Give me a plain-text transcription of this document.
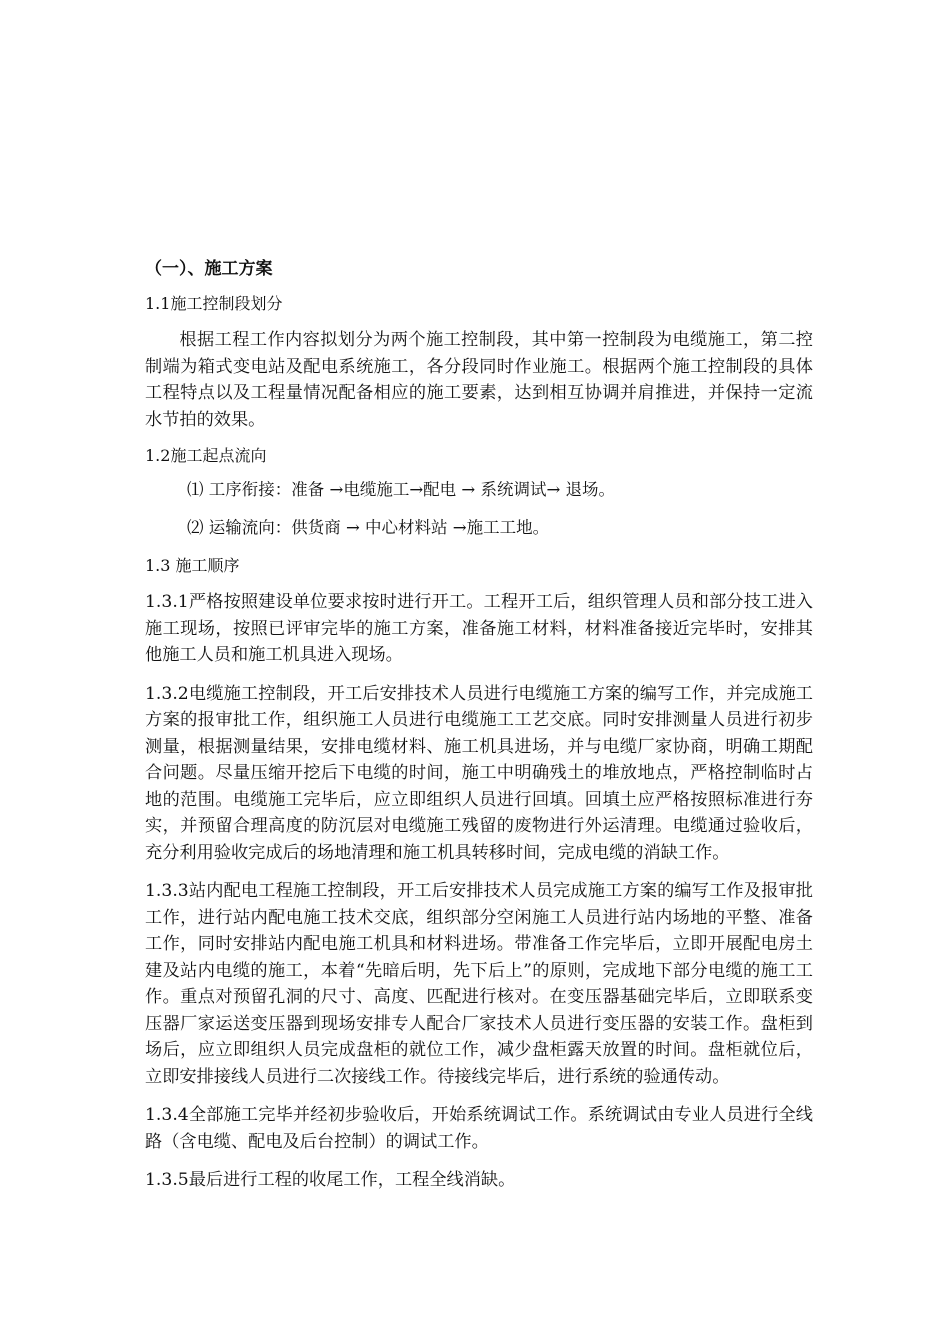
（一）、施工方案
1.1施工控制段划分

根据工程工作内容拟划分为两个施工控制段，其中第一控制段为电缆施工，第二控制端为箱式变电站及配电系统施工，各分段同时作业施工。根据两个施工控制段的具体工程特点以及工程量情况配备相应的施工要素，达到相互协调并肩推进，并保持一定流水节拍的效果。

1.2施工起点流向
⑴ 工序衔接：准备 →电缆施工→配电 → 系统调试→ 退场。
⑵ 运输流向：供货商 → 中心材料站 →施工工地。
1.3 施工顺序

1.3.1严格按照建设单位要求按时进行开工。工程开工后，组织管理人员和部分技工进入施工现场，按照已评审完毕的施工方案，准备施工材料，材料准备接近完毕时，安排其他施工人员和施工机具进入现场。

1.3.2电缆施工控制段，开工后安排技术人员进行电缆施工方案的编写工作，并完成施工方案的报审批工作，组织施工人员进行电缆施工工艺交底。同时安排测量人员进行初步测量，根据测量结果，安排电缆材料、施工机具进场，并与电缆厂家协商，明确工期配合问题。尽量压缩开挖后下电缆的时间，施工中明确残土的堆放地点，严格控制临时占地的范围。电缆施工完毕后，应立即组织人员进行回填。回填土应严格按照标准进行夯实，并预留合理高度的防沉层对电缆施工残留的废物进行外运清理。电缆通过验收后，充分利用验收完成后的场地清理和施工机具转移时间，完成电缆的消缺工作。

1.3.3站内配电工程施工控制段，开工后安排技术人员完成施工方案的编写工作及报审批工作，进行站内配电施工技术交底，组织部分空闲施工人员进行站内场地的平整、准备工作，同时安排站内配电施工机具和材料进场。带准备工作完毕后，立即开展配电房土建及站内电缆的施工，本着“先暗后明，先下后上”的原则，完成地下部分电缆的施工工作。重点对预留孔洞的尺寸、高度、匹配进行核对。在变压器基础完毕后，立即联系变压器厂家运送变压器到现场安排专人配合厂家技术人员进行变压器的安装工作。盘柜到场后，应立即组织人员完成盘柜的就位工作，减少盘柜露天放置的时间。盘柜就位后，立即安排接线人员进行二次接线工作。待接线完毕后，进行系统的验通传动。

1.3.4全部施工完毕并经初步验收后，开始系统调试工作。系统调试由专业人员进行全线路（含电缆、配电及后台控制）的调试工作。

1.3.5最后进行工程的收尾工作，工程全线消缺。
